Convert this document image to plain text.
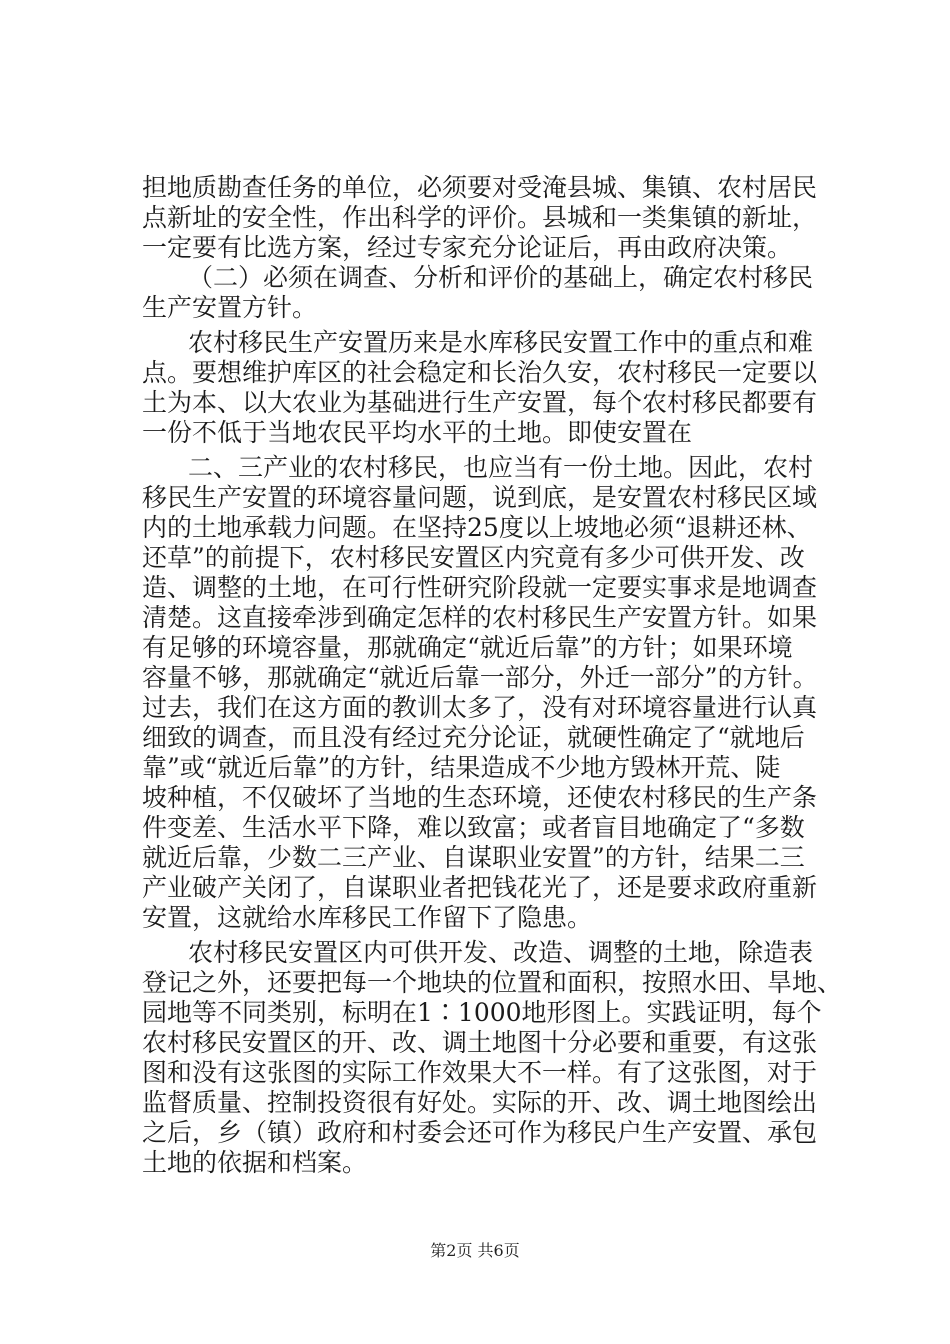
担地质勘查任务的单位，必须要对受淹县城、集镇、农村居民
点新址的安全性，作出科学的评价。县城和一类集镇的新址，
一定要有比选方案，经过专家充分论证后，再由政府决策。
（二）必须在调查、分析和评价的基础上，确定农村移民
生产安置方针。
农村移民生产安置历来是水库移民安置工作中的重点和难
点。要想维护库区的社会稳定和长治久安，农村移民一定要以
土为本、以大农业为基础进行生产安置，每个农村移民都要有
一份不低于当地农民平均水平的土地。即使安置在
二、三产业的农村移民，也应当有一份土地。因此，农村
移民生产安置的环境容量问题，说到底，是安置农村移民区域
内的土地承载力问题。在坚持25度以上坡地必须“退耕还林、
还草”的前提下，农村移民安置区内究竟有多少可供开发、改
造、调整的土地，在可行性研究阶段就一定要实事求是地调查
清楚。这直接牵涉到确定怎样的农村移民生产安置方针。如果
有足够的环境容量，那就确定“就近后靠”的方针；如果环境
容量不够，那就确定“就近后靠一部分，外迁一部分”的方针。
过去，我们在这方面的教训太多了，没有对环境容量进行认真
细致的调查，而且没有经过充分论证，就硬性确定了“就地后
靠”或“就近后靠”的方针，结果造成不少地方毁林开荒、陡
坡种植，不仅破坏了当地的生态环境，还使农村移民的生产条
件变差、生活水平下降，难以致富；或者盲目地确定了“多数
就近后靠，少数二三产业、自谋职业安置”的方针，结果二三
产业破产关闭了，自谋职业者把钱花光了，还是要求政府重新
安置，这就给水库移民工作留下了隐患。
农村移民安置区内可供开发、改造、调整的土地，除造表
登记之外，还要把每一个地块的位置和面积，按照水田、旱地、
园地等不同类别，标明在1∶1000地形图上。实践证明，每个
农村移民安置区的开、改、调土地图十分必要和重要，有这张
图和没有这张图的实际工作效果大不一样。有了这张图，对于
监督质量、控制投资很有好处。实际的开、改、调土地图绘出
之后，乡（镇）政府和村委会还可作为移民户生产安置、承包
土地的依据和档案。
第2页 共6页
